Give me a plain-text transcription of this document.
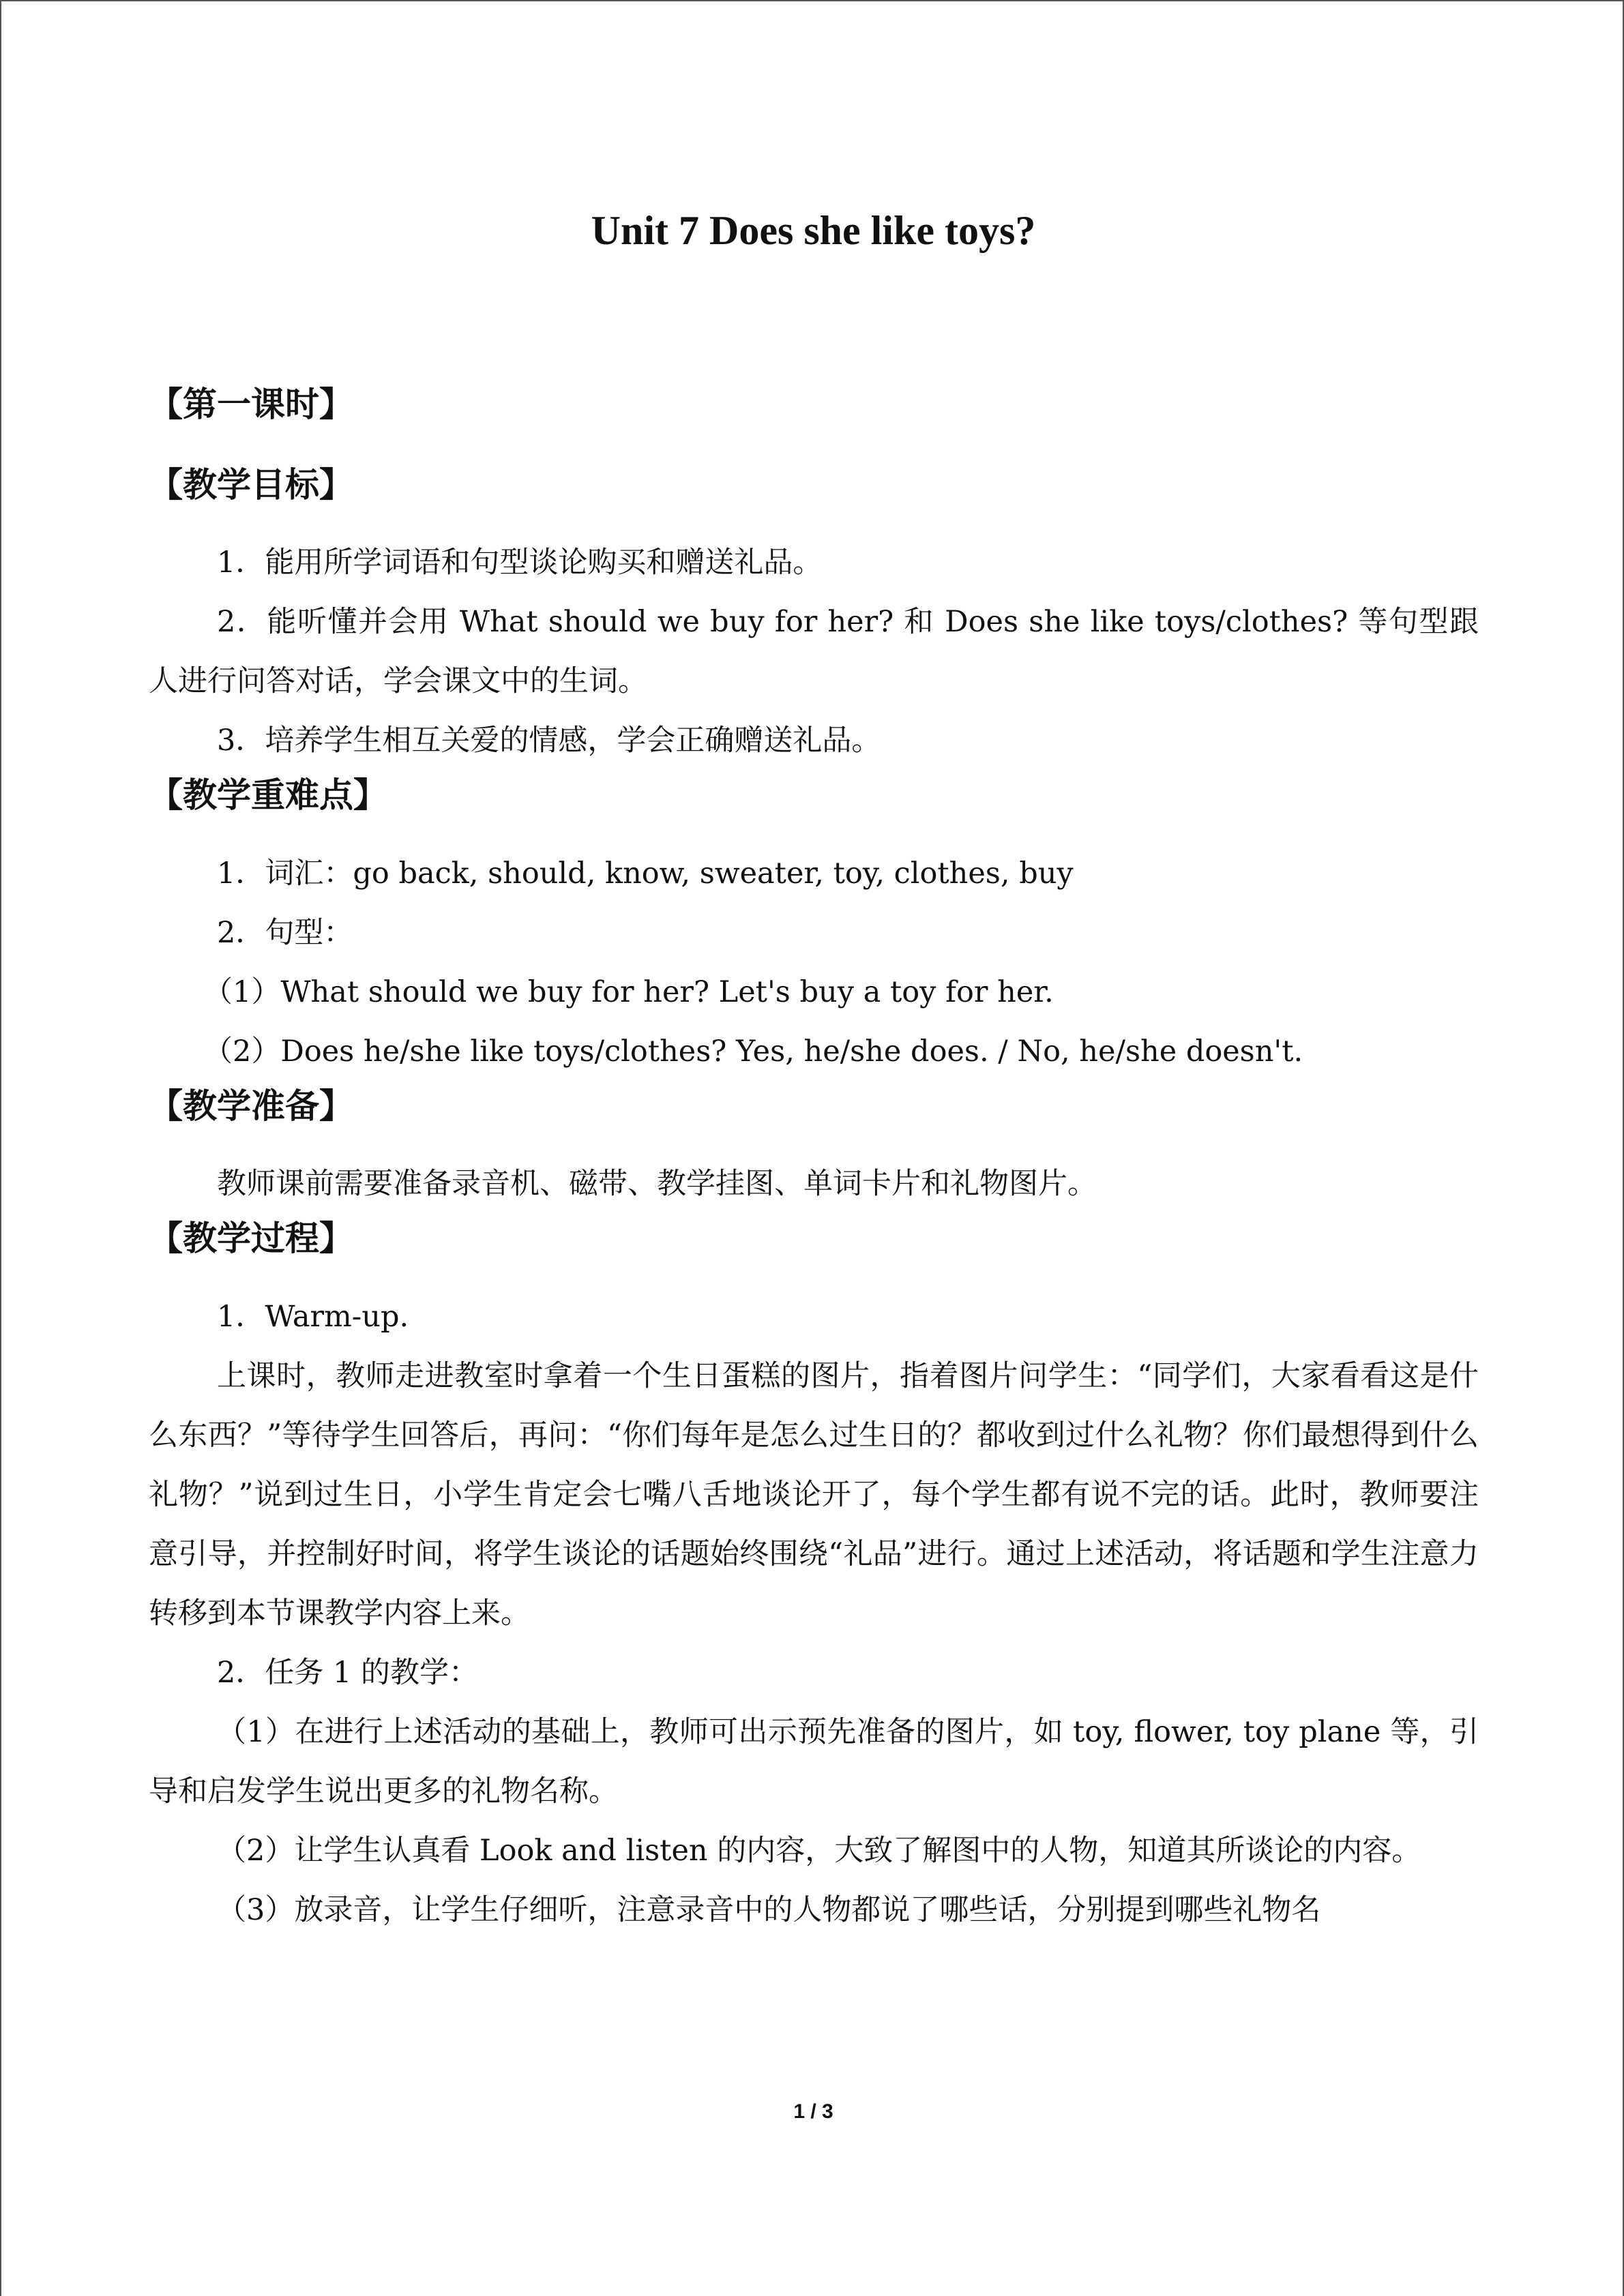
Unit 7 Does she like toys?
【第一课时】
【教学目标】

1．能用所学词语和句型谈论购买和赠送礼品。

2．能听懂并会用 What should we buy for her? 和 Does she like toys/clothes? 等句型跟人进行问答对话，学会课文中的生词。

3．培养学生相互关爱的情感，学会正确赠送礼品。

【教学重难点】

1．词汇：go back, should, know, sweater, toy, clothes, buy

2．句型：

（1）What should we buy for her? Let's buy a toy for her.

（2）Does he/she like toys/clothes? Yes, he/she does. / No, he/she doesn't.

【教学准备】

教师课前需要准备录音机、磁带、教学挂图、单词卡片和礼物图片。

【教学过程】

1．Warm-up.

上课时，教师走进教室时拿着一个生日蛋糕的图片，指着图片问学生：“同学们，大家看看这是什么东西？”等待学生回答后，再问：“你们每年是怎么过生日的？都收到过什么礼物？你们最想得到什么礼物？”说到过生日，小学生肯定会七嘴八舌地谈论开了，每个学生都有说不完的话。此时，教师要注意引导，并控制好时间，将学生谈论的话题始终围绕“礼品”进行。通过上述活动，将话题和学生注意力转移到本节课教学内容上来。

2．任务 1 的教学：

（1）在进行上述活动的基础上，教师可出示预先准备的图片，如 toy, flower, toy plane 等，引导和启发学生说出更多的礼物名称。

（2）让学生认真看 Look and listen 的内容，大致了解图中的人物，知道其所谈论的内容。

（3）放录音，让学生仔细听，注意录音中的人物都说了哪些话，分别提到哪些礼物名

1 / 3
